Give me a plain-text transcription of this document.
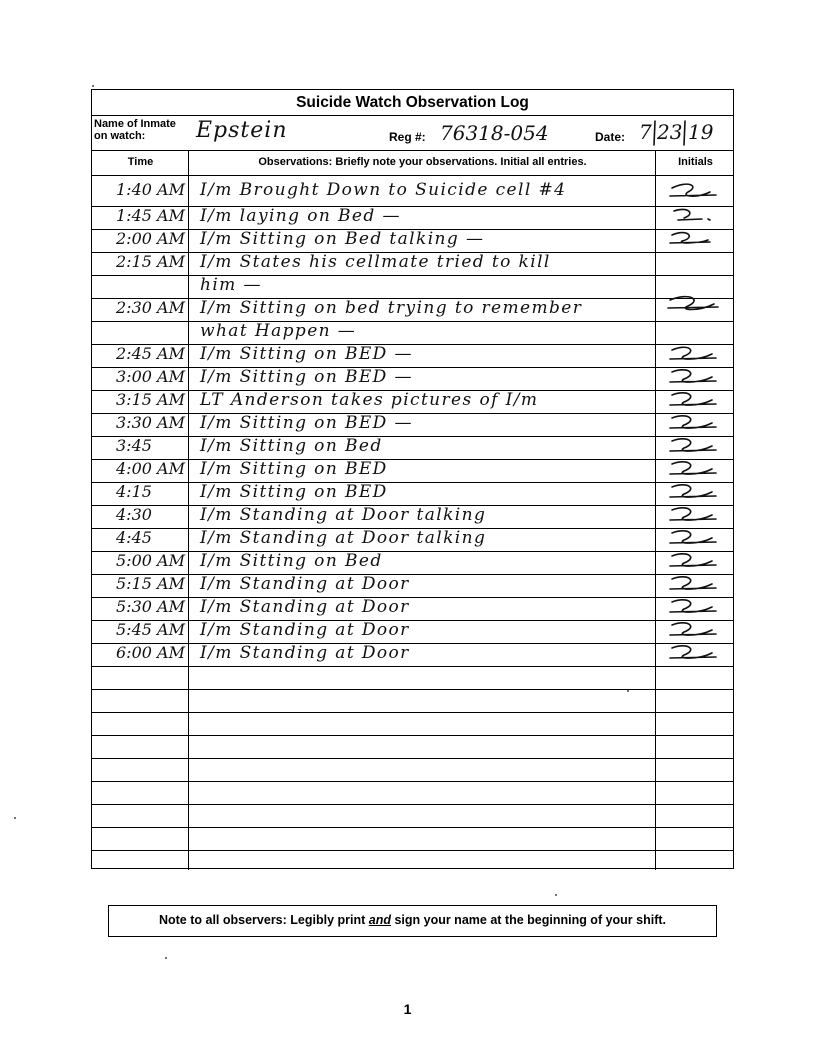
Suicide Watch Observation Log
Name of Inmate on watch:	Epstein	Reg #: 76318-054	Date: 7 23 19
Time	Observations: Briefly note your observations. Initial all entries.	Initials
1:40 AM I/m Brought Down to Suicide cell #4
1:45 AM I/m laying on Bed —
2:00 AM I/m Sitting on Bed talking —
2:15 AM I/m States his cellmate tried to kill
him —
2:30 AM I/m Sitting on bed trying to remember
what Happen —
2:45 AM I/m Sitting on BED —
3:00 AM I/m Sitting on BED —
3:15 AM LT Anderson takes pictures of I/m
3:30 AM I/m Sitting on BED —
3:45	I/m Sitting on Bed
4:00 AM I/m Sitting on BED
4:15	I/m Sitting on BED
4:30	I/m Standing at Door talking
4:45	I/m Standing at Door talking
5:00 AM I/m Sitting on Bed
5:15 AM I/m Standing at Door
5:30 AM I/m Standing at Door
5:45 AM I/m Standing at Door
6:00 AM I/m Standing at Door
Note to all observers: Legibly print and sign your name at the beginning of your shift.
1
